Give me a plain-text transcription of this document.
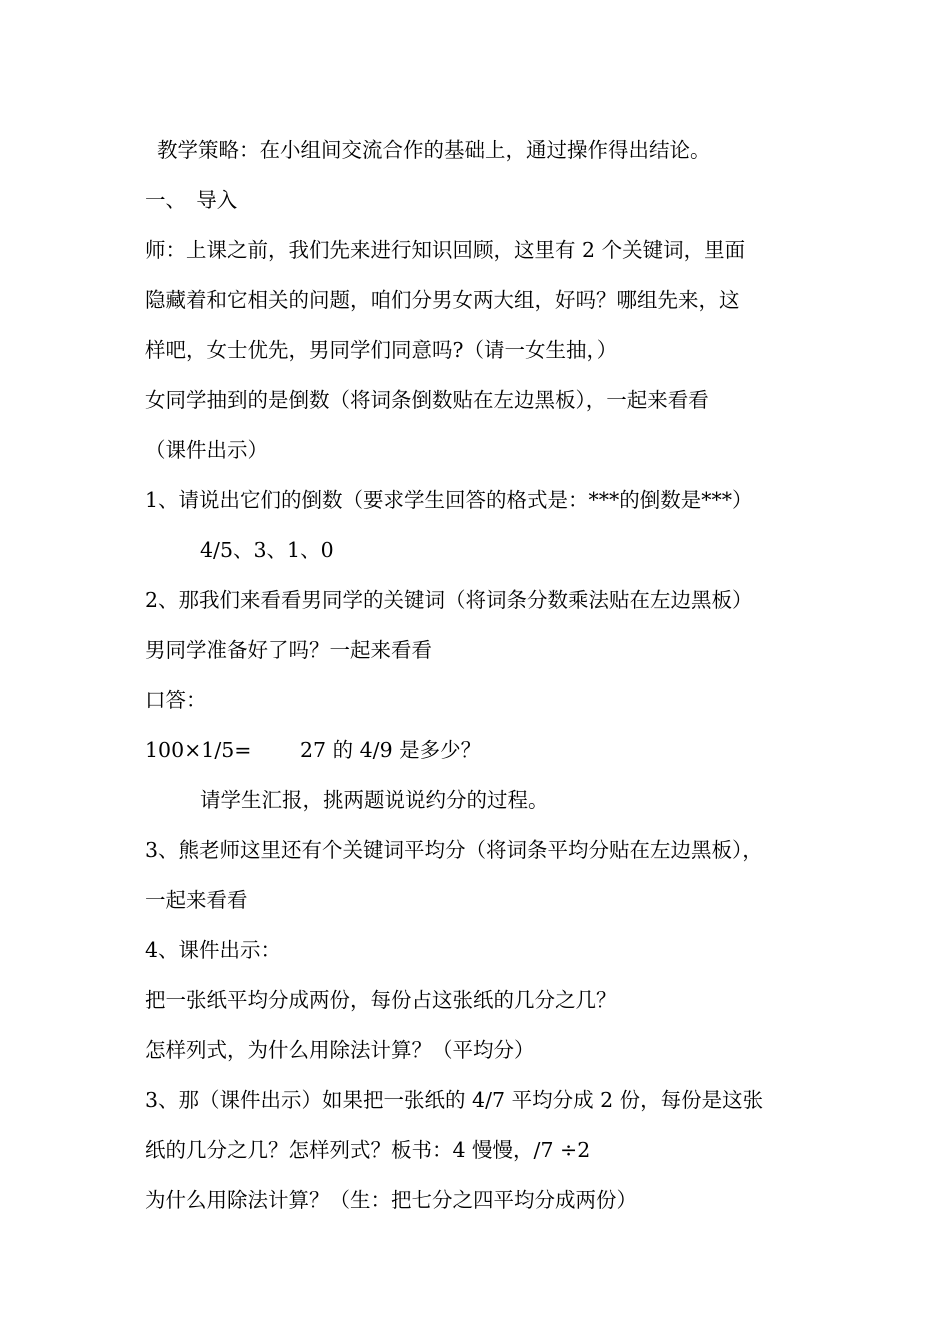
教学策略：在小组间交流合作的基础上，通过操作得出结论。
一、　导入
师：上课之前，我们先来进行知识回顾，这里有 2 个关键词，里面
隐藏着和它相关的问题，咱们分男女两大组，好吗？哪组先来，这
样吧，女士优先，男同学们同意吗?（请一女生抽，）
女同学抽到的是倒数（将词条倒数贴在左边黑板），一起来看看
（课件出示）
1、请说出它们的倒数（要求学生回答的格式是：***的倒数是***）
4/5、3、1、0
2、那我们来看看男同学的关键词（将词条分数乘法贴在左边黑板）
男同学准备好了吗？一起来看看
口答：
100×1/5= 27 的 4/9 是多少？
请学生汇报，挑两题说说约分的过程。
3、熊老师这里还有个关键词平均分（将词条平均分贴在左边黑板），
一起来看看
4、课件出示：
把一张纸平均分成两份，每份占这张纸的几分之几？
怎样列式，为什么用除法计算？（平均分）
3、那（课件出示）如果把一张纸的 4/7 平均分成 2 份，每份是这张
纸的几分之几？怎样列式？板书：4 慢慢，/7 ÷2
为什么用除法计算？（生：把七分之四平均分成两份）
